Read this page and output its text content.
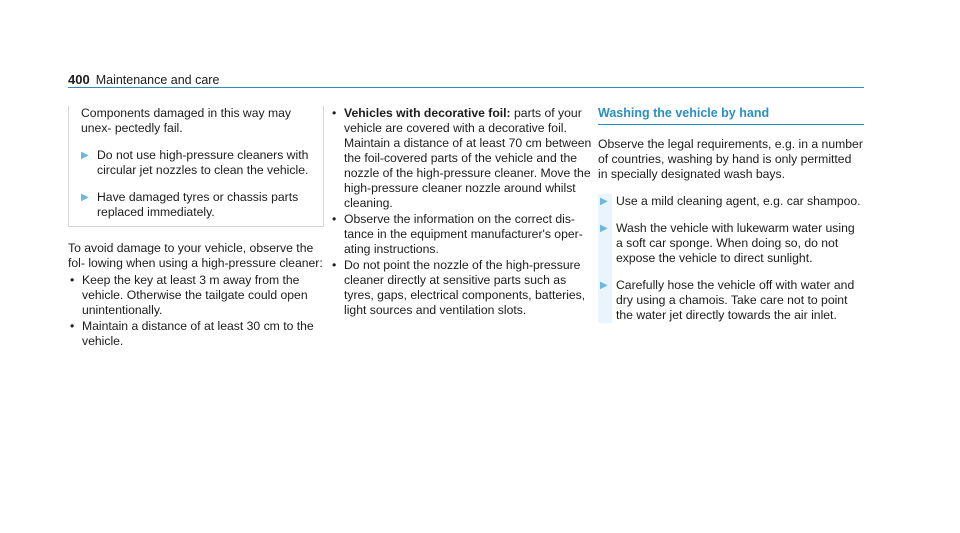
400 Maintenance and care

Components damaged in this way may unex- pectedly fail.

▶ Do not use high-pressure cleaners with circular jet nozzles to clean the vehicle.
▶ Have damaged tyres or chassis parts replaced immediately.

To avoid damage to your vehicle, observe the fol- lowing when using a high-pressure cleaner:

• Keep the key at least 3 m away from the vehicle. Otherwise the tailgate could open unintentionally.
• Maintain a distance of at least 30 cm to the vehicle.
• Vehicles with decorative foil: parts of your vehicle are covered with a decorative foil. Maintain a distance of at least 70 cm between the foil-covered parts of the vehicle and the nozzle of the high-pressure cleaner. Move the high-pressure cleaner nozzle around whilst cleaning.
• Observe the information on the correct dis- tance in the equipment manufacturer's oper- ating instructions.
• Do not point the nozzle of the high-pressure cleaner directly at sensitive parts such as tyres, gaps, electrical components, batteries, light sources and ventilation slots.
Washing the vehicle by hand

Observe the legal requirements, e.g. in a number of countries, washing by hand is only permitted in specially designated wash bays.

▶ Use a mild cleaning agent, e.g. car shampoo.
▶ Wash the vehicle with lukewarm water using a soft car sponge. When doing so, do not expose the vehicle to direct sunlight.
▶ Carefully hose the vehicle off with water and dry using a chamois. Take care not to point the water jet directly towards the air inlet.
